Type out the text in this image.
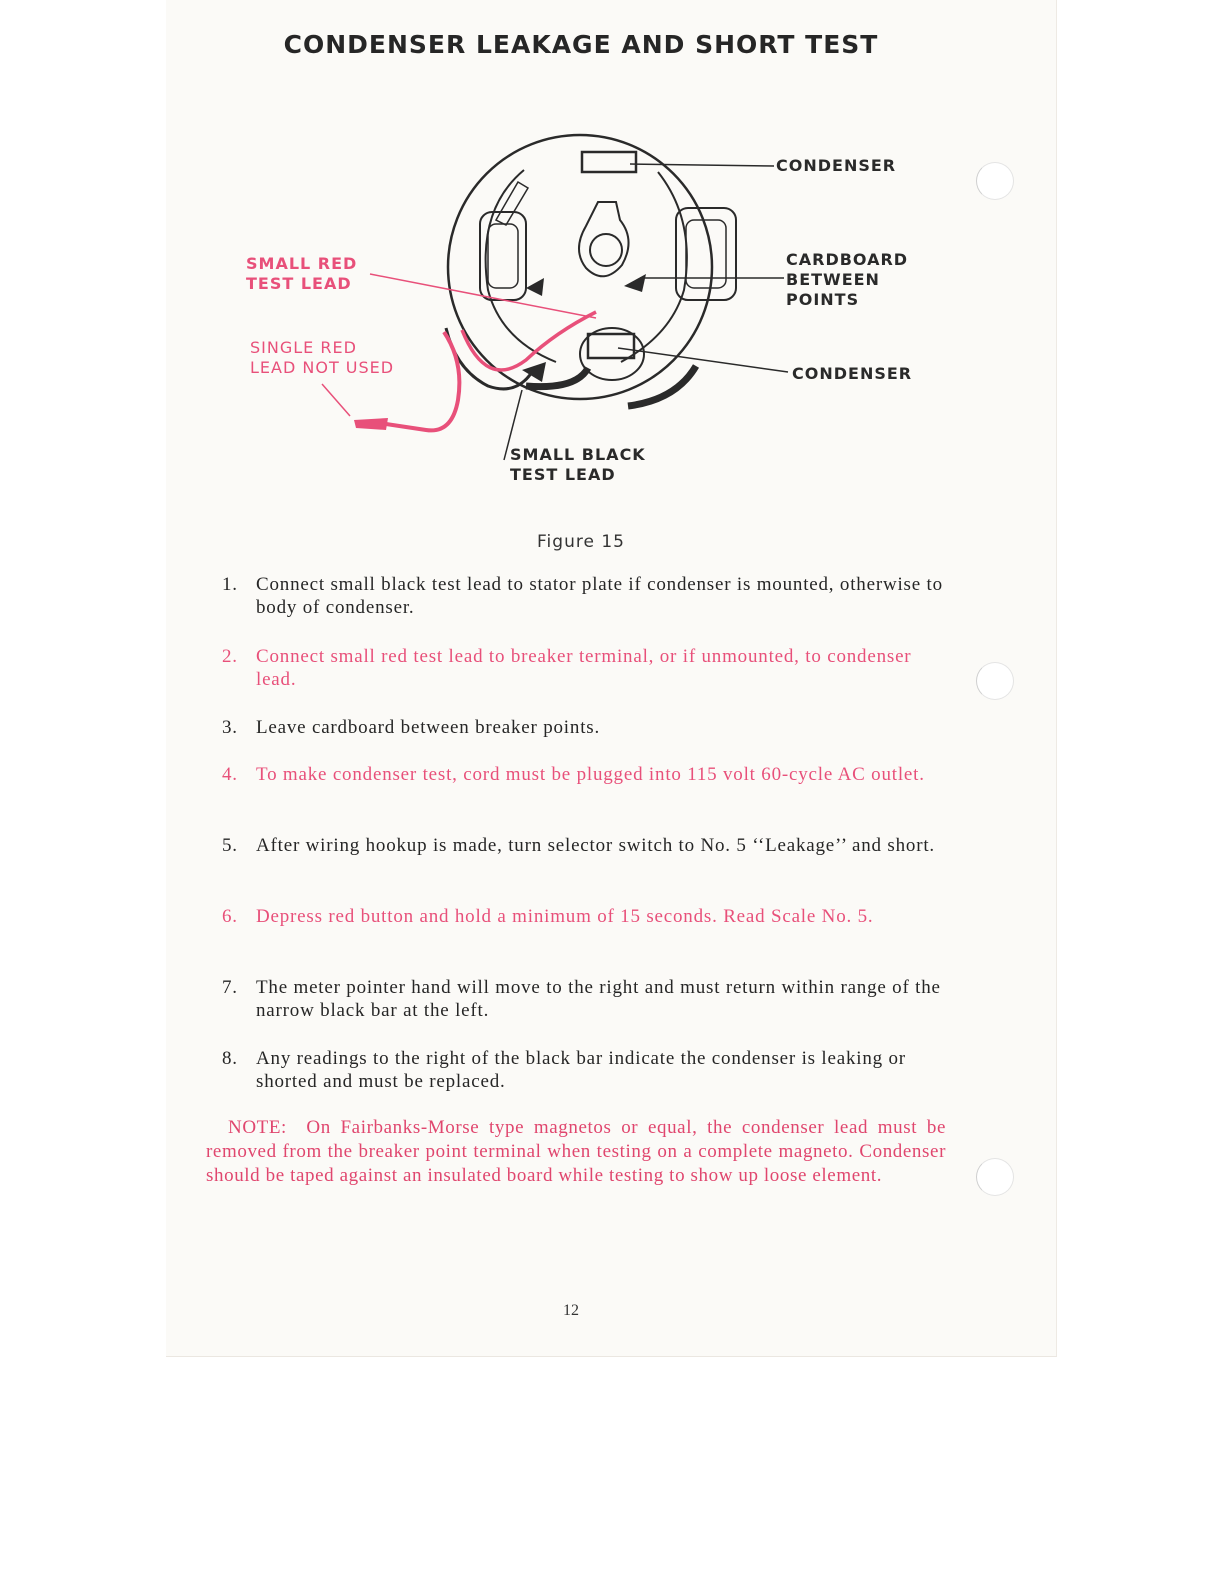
CONDENSER LEAKAGE AND SHORT TEST
CONDENSER
CARDBOARD
BETWEEN
POINTS
CONDENSER
SMALL RED
TEST LEAD
SINGLE RED
LEAD NOT USED
SMALL BLACK
TEST LEAD
Figure 15
1. Connect small black test lead to stator plate if condenser is mounted, otherwise to body of condenser.
2. Connect small red test lead to breaker terminal, or if unmounted, to condenser lead.
3. Leave cardboard between breaker points.
4. To make condenser test, cord must be plugged into 115 volt 60-cycle AC outlet.
5. After wiring hookup is made, turn selector switch to No. 5 ‘‘Leakage’’ and short.
6. Depress red button and hold a minimum of 15 seconds. Read Scale No. 5.
7. The meter pointer hand will move to the right and must return within range of the narrow black bar at the left.
8. Any readings to the right of the black bar indicate the condenser is leaking or shorted and must be replaced.
NOTE: On Fairbanks-Morse type magnetos or equal, the condenser lead must be removed from the breaker point terminal when testing on a complete magneto. Condenser should be taped against an insulated board while testing to show up loose element.
12
